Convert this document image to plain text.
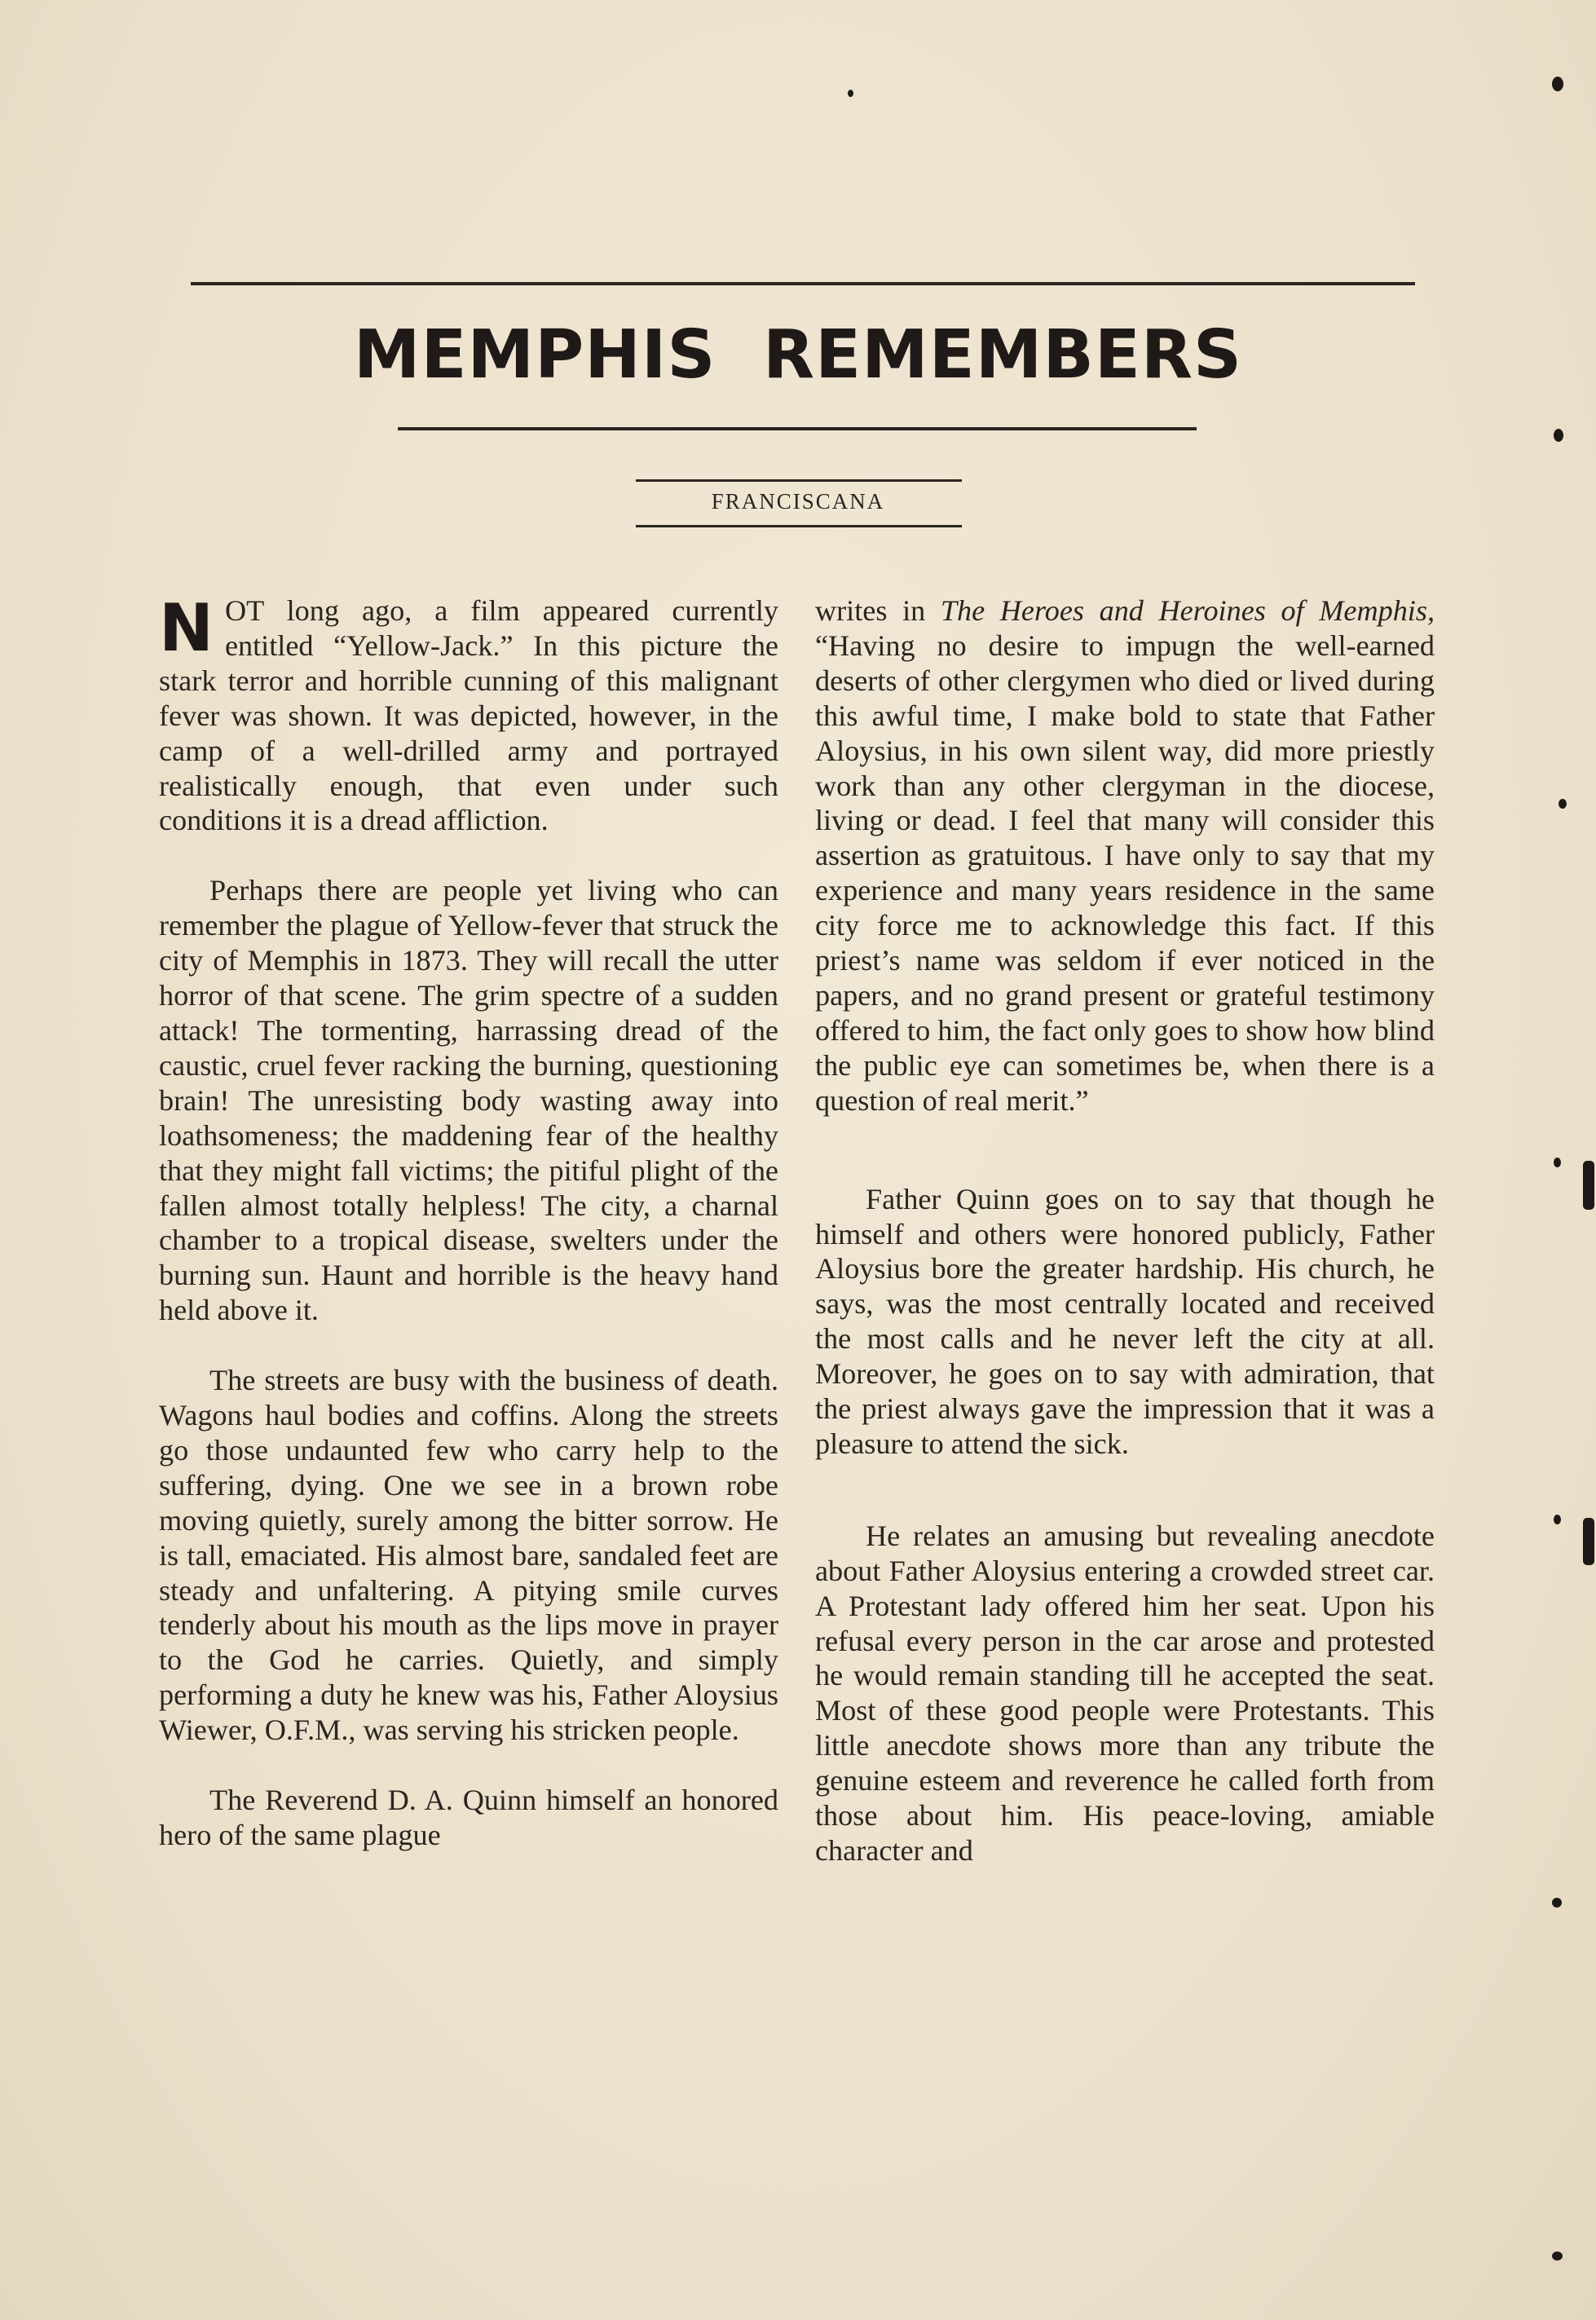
MEMPHIS REMEMBERS
FRANCISCANA

NOT long ago, a film appeared currently entitled “Yellow-Jack.” In this picture the stark terror and horrible cunning of this malignant fever was shown. It was depicted, however, in the camp of a well-drilled army and portrayed realistically enough, that even under such conditions it is a dread affliction.

Perhaps there are people yet living who can remember the plague of Yellow-fever that struck the city of Memphis in 1873. They will recall the utter horror of that scene. The grim spectre of a sudden attack! The tormenting, harrassing dread of the caustic, cruel fever racking the burning, questioning brain! The unresisting body wasting away into loathsomeness; the maddening fear of the healthy that they might fall victims; the pitiful plight of the fallen almost totally helpless! The city, a charnal chamber to a tropical disease, swelters under the burning sun. Haunt and horrible is the heavy hand held above it.

The streets are busy with the business of death. Wagons haul bodies and coffins. Along the streets go those undaunted few who carry help to the suffering, dying. One we see in a brown robe moving quietly, surely among the bitter sorrow. He is tall, emaciated. His almost bare, sandaled feet are steady and unfaltering. A pitying smile curves tenderly about his mouth as the lips move in prayer to the God he carries. Quietly, and simply performing a duty he knew was his, Father Aloysius Wiewer, O.F.M., was serving his stricken people.

The Reverend D. A. Quinn himself an honored hero of the same plague

writes in The Heroes and Heroines of Memphis, “Having no desire to impugn the well-earned deserts of other clergymen who died or lived during this awful time, I make bold to state that Father Aloysius, in his own silent way, did more priestly work than any other clergyman in the diocese, living or dead. I feel that many will consider this assertion as gratuitous. I have only to say that my experience and many years residence in the same city force me to acknowledge this fact. If this priest’s name was seldom if ever noticed in the papers, and no grand present or grateful testimony offered to him, the fact only goes to show how blind the public eye can sometimes be, when there is a question of real merit.”

Father Quinn goes on to say that though he himself and others were honored publicly, Father Aloysius bore the greater hardship. His church, he says, was the most centrally located and received the most calls and he never left the city at all. Moreover, he goes on to say with admiration, that the priest always gave the impression that it was a pleasure to attend the sick.

He relates an amusing but revealing anecdote about Father Aloysius entering a crowded street car. A Protestant lady offered him her seat. Upon his refusal every person in the car arose and protested he would remain standing till he accepted the seat. Most of these good people were Protestants. This little anecdote shows more than any tribute the genuine esteem and reverence he called forth from those about him. His peace-loving, amiable character and
